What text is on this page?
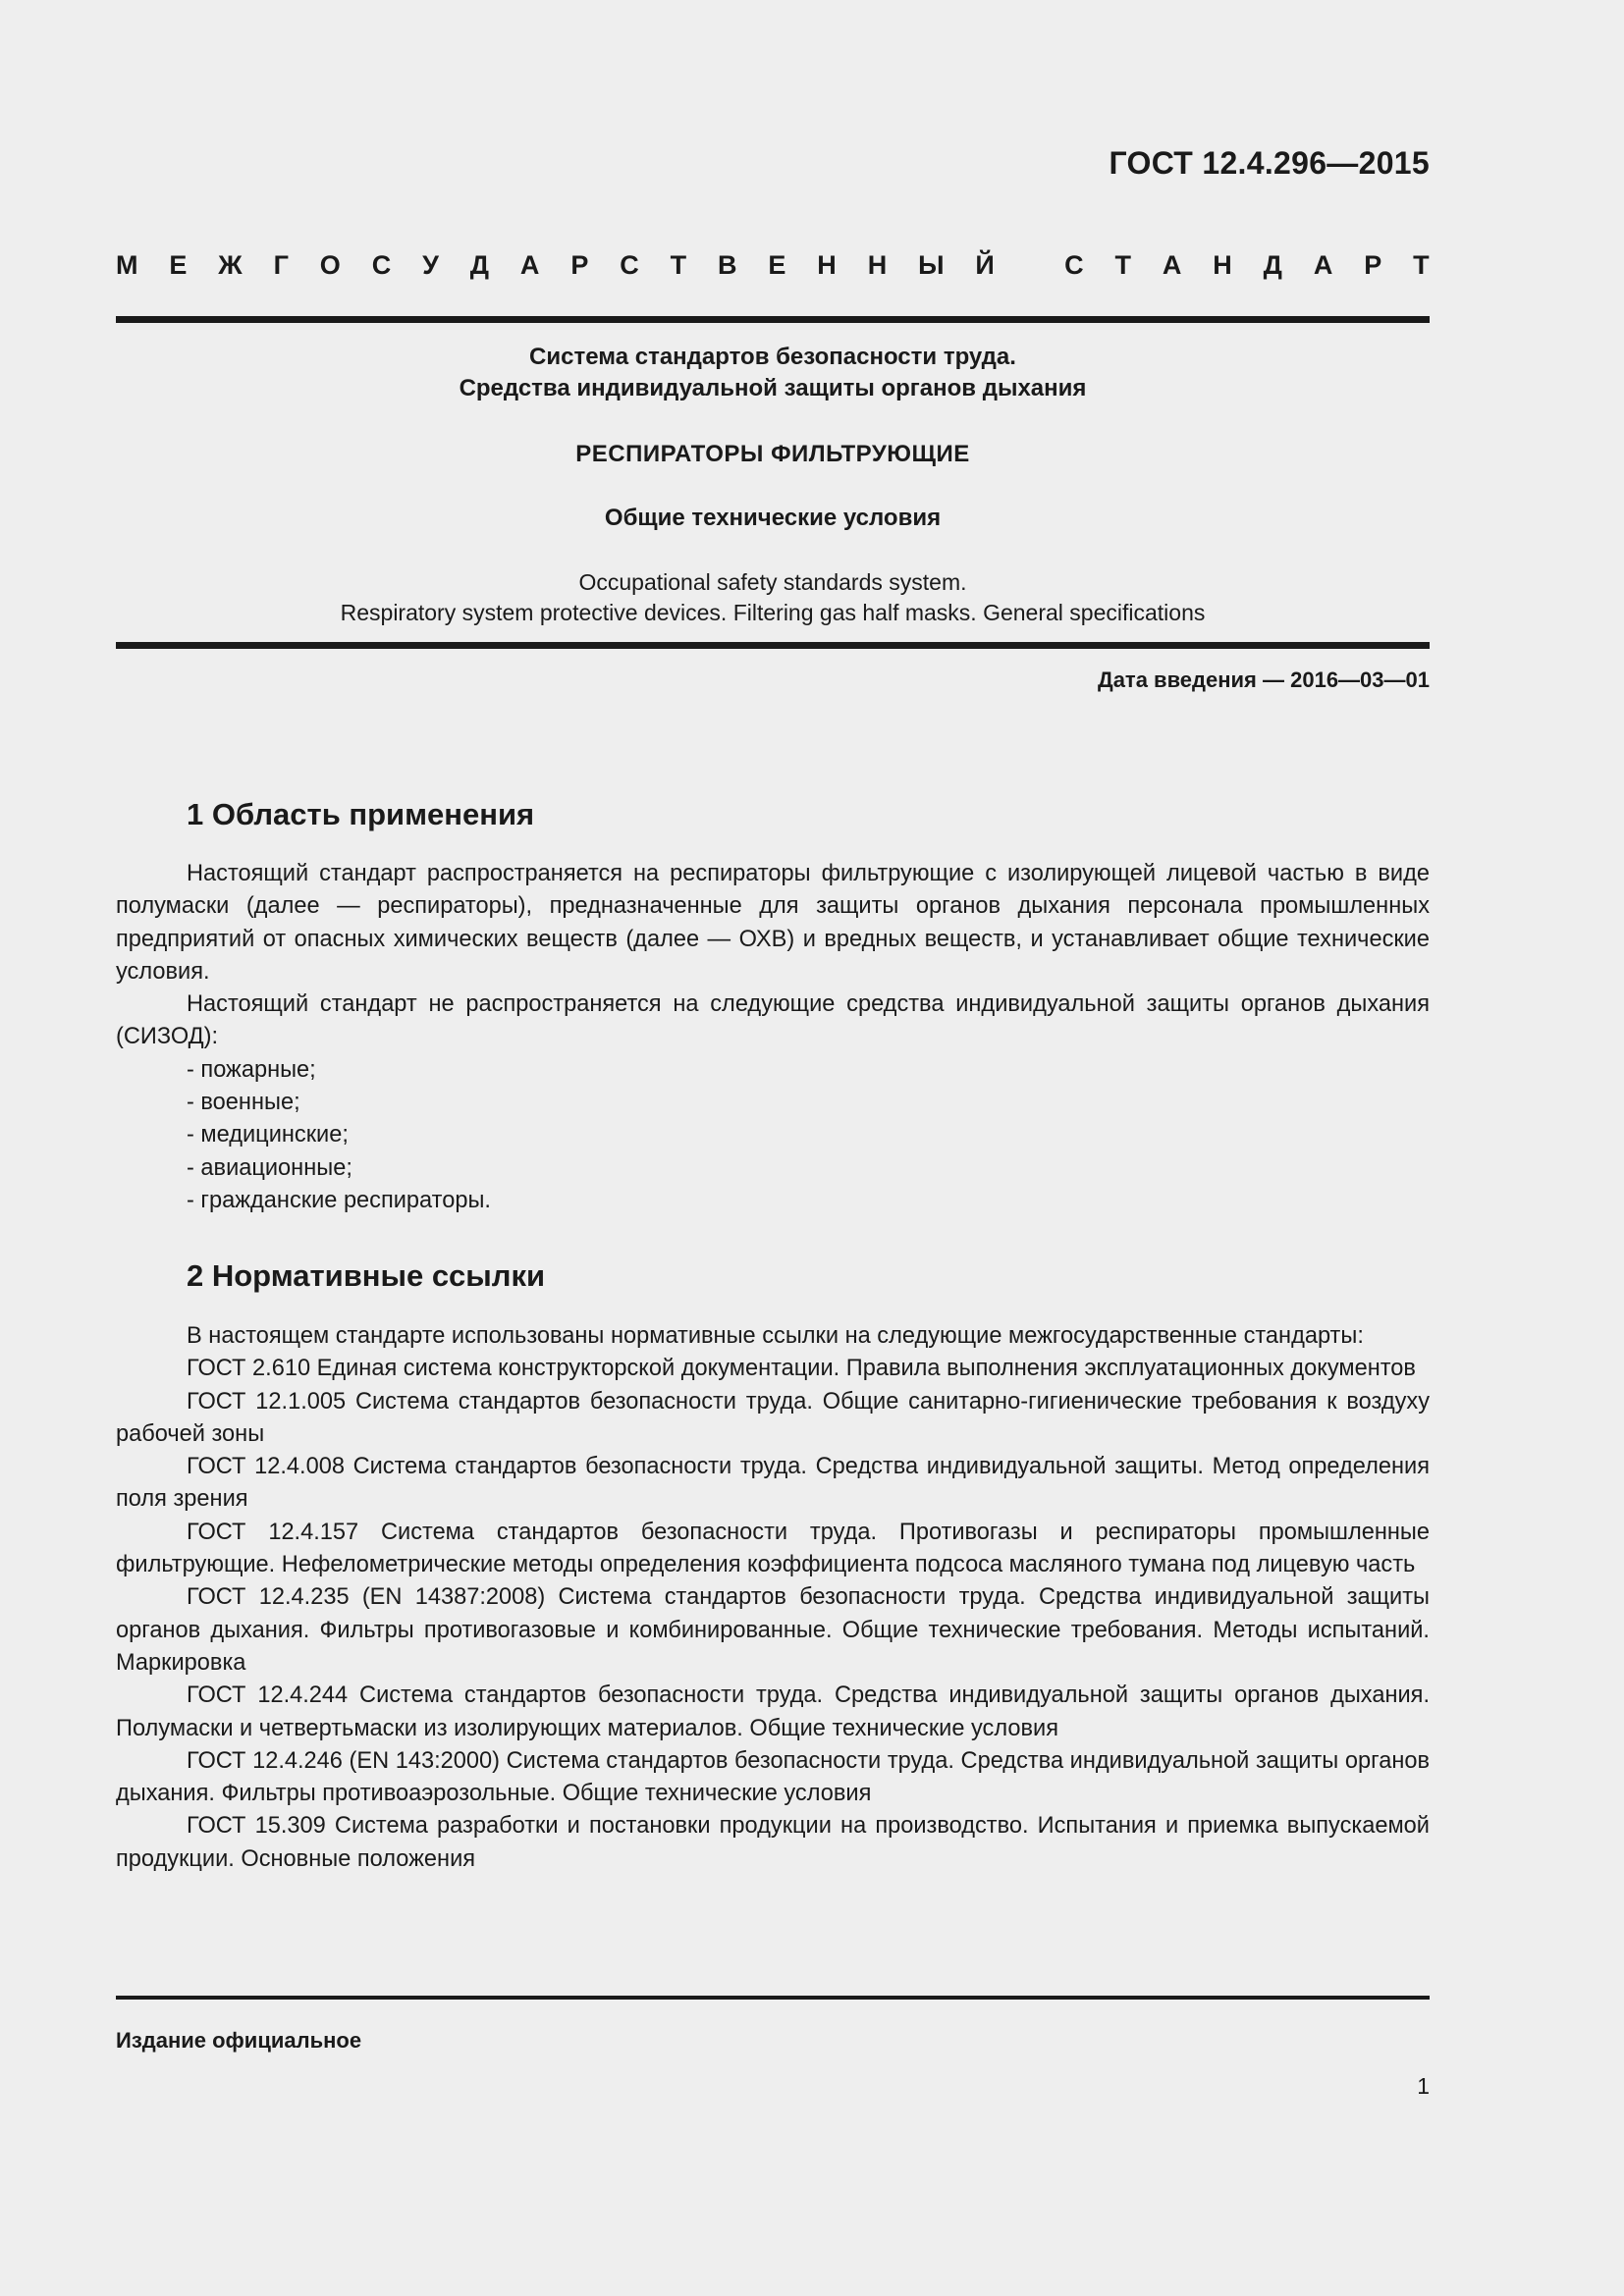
ГОСТ 12.4.296—2015
М Е Ж Г О С У Д А Р С Т В Е Н Н Ы Й
	С Т А Н Д А Р Т
Система стандартов безопасности труда.
Средства индивидуальной защиты органов дыхания
РЕСПИРАТОРЫ ФИЛЬТРУЮЩИЕ
Общие технические условия
Occupational safety standards system.
Respiratory system protective devices. Filtering gas half masks. General specifications
Дата введения — 2016—03—01
1 Область применения

Настоящий стандарт распространяется на респираторы фильтрующие с изолирующей лицевой частью в виде полумаски (далее — респираторы), предназначенные для защиты органов дыхания персонала промышленных предприятий от опасных химических веществ (далее — ОХВ) и вредных веществ, и устанавливает общие технические условия.

Настоящий стандарт не распространяется на следующие средства индивидуальной защиты органов дыхания (СИЗОД):

- пожарные;

- военные;

- медицинские;

- авиационные;

- гражданские респираторы.

2 Нормативные ссылки

В настоящем стандарте использованы нормативные ссылки на следующие межгосударственные стандарты:

ГОСТ 2.610 Единая система конструкторской документации. Правила выполнения эксплуатационных документов

ГОСТ 12.1.005 Система стандартов безопасности труда. Общие санитарно-гигиенические требования к воздуху рабочей зоны

ГОСТ 12.4.008 Система стандартов безопасности труда. Средства индивидуальной защиты. Метод определения поля зрения

ГОСТ 12.4.157 Система стандартов безопасности труда. Противогазы и респираторы промышленные фильтрующие. Нефелометрические методы определения коэффициента подсоса масляного тумана под лицевую часть

ГОСТ 12.4.235 (EN 14387:2008) Система стандартов безопасности труда. Средства индивидуальной защиты органов дыхания. Фильтры противогазовые и комбинированные. Общие технические требования. Методы испытаний. Маркировка

ГОСТ 12.4.244 Система стандартов безопасности труда. Средства индивидуальной защиты органов дыхания. Полумаски и четвертьмаски из изолирующих материалов. Общие технические условия

ГОСТ 12.4.246 (EN 143:2000) Система стандартов безопасности труда. Средства индивидуальной защиты органов дыхания. Фильтры противоаэрозольные. Общие технические условия

ГОСТ 15.309 Система разработки и постановки продукции на производство. Испытания и приемка выпускаемой продукции. Основные положения

Издание официальное
1
